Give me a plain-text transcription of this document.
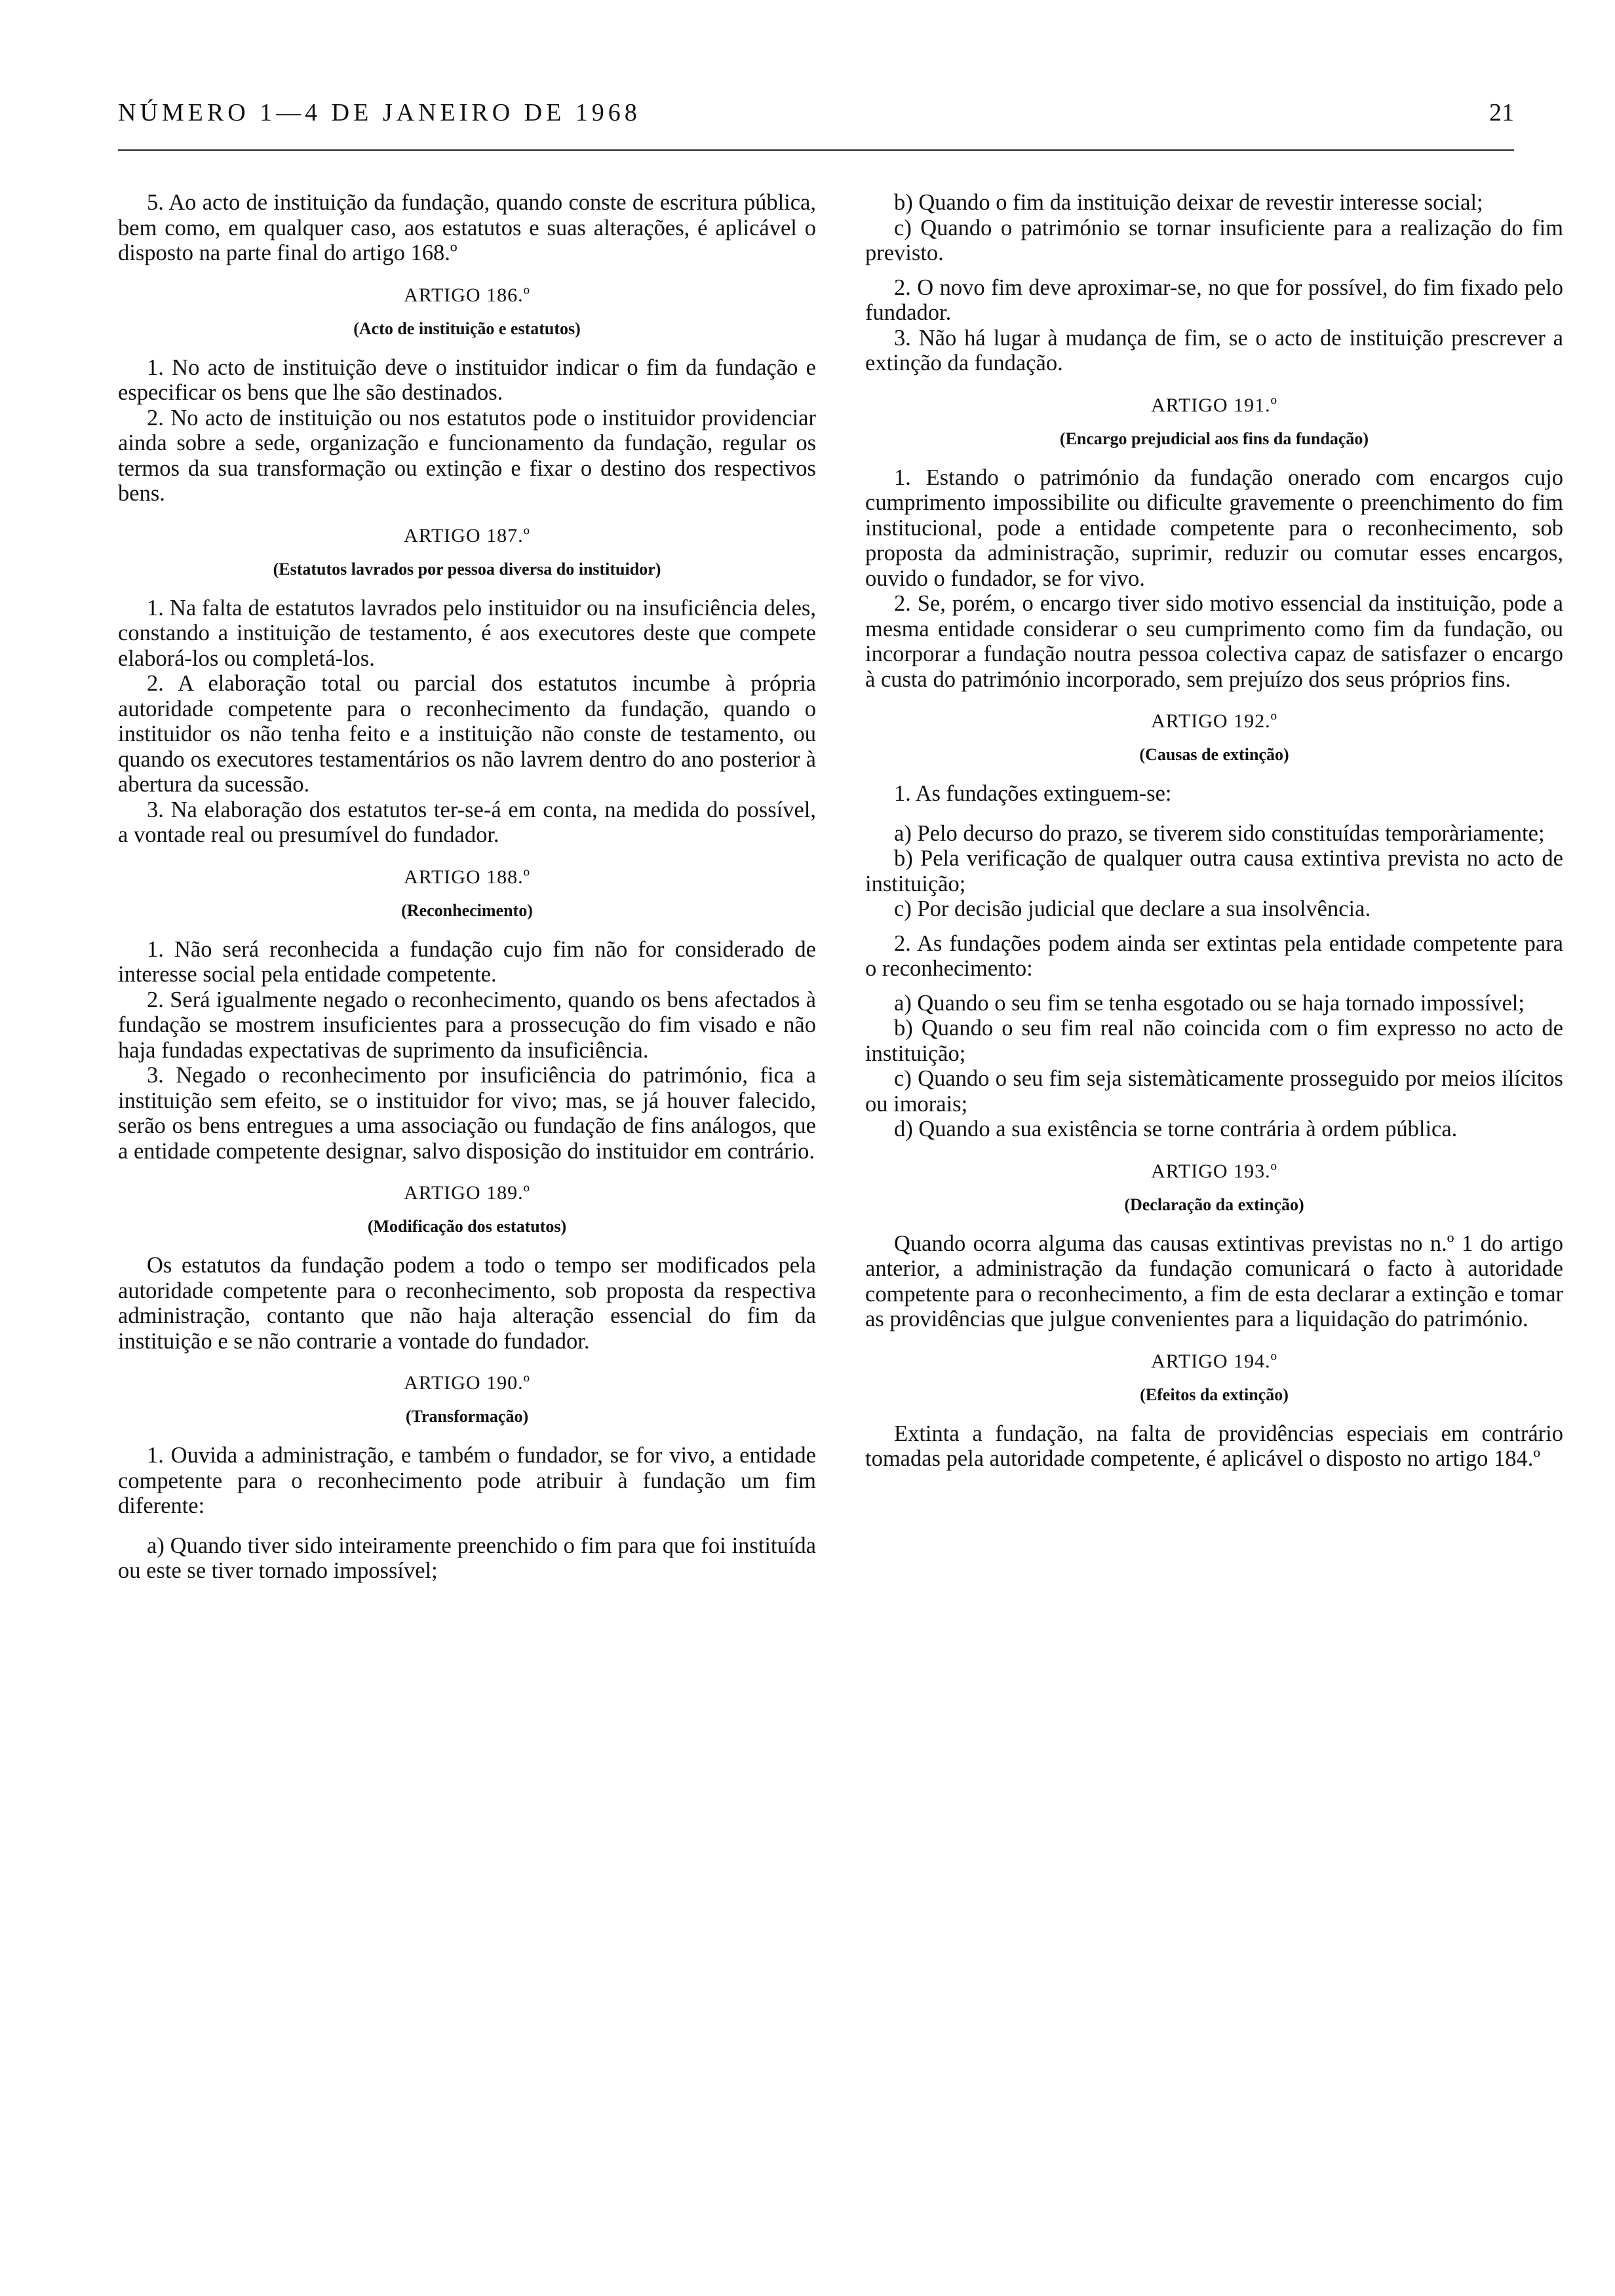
NÚMERO 1—4 DE JANEIRO DE 1968	21

5. Ao acto de instituição da fundação, quando conste de escritura pública, bem como, em qualquer caso, aos estatutos e suas alterações, é aplicável o disposto na parte final do artigo 168.º

ARTIGO 186.º
(Acto de instituição e estatutos)

1. No acto de instituição deve o instituidor indicar o fim da fundação e especificar os bens que lhe são destinados.

2. No acto de instituição ou nos estatutos pode o instituidor providenciar ainda sobre a sede, organização e funcionamento da fundação, regular os termos da sua transformação ou extinção e fixar o destino dos respectivos bens.

ARTIGO 187.º
(Estatutos lavrados por pessoa diversa do instituidor)

1. Na falta de estatutos lavrados pelo instituidor ou na insuficiência deles, constando a instituição de testamento, é aos executores deste que compete elaborá-los ou completá-los.

2. A elaboração total ou parcial dos estatutos incumbe à própria autoridade competente para o reconhecimento da fundação, quando o instituidor os não tenha feito e a instituição não conste de testamento, ou quando os executores testamentários os não lavrem dentro do ano posterior à abertura da sucessão.

3. Na elaboração dos estatutos ter-se-á em conta, na medida do possível, a vontade real ou presumível do fundador.

ARTIGO 188.º
(Reconhecimento)

1. Não será reconhecida a fundação cujo fim não for considerado de interesse social pela entidade competente.

2. Será igualmente negado o reconhecimento, quando os bens afectados à fundação se mostrem insuficientes para a prossecução do fim visado e não haja fundadas expectativas de suprimento da insuficiência.

3. Negado o reconhecimento por insuficiência do património, fica a instituição sem efeito, se o instituidor for vivo; mas, se já houver falecido, serão os bens entregues a uma associação ou fundação de fins análogos, que a entidade competente designar, salvo disposição do instituidor em contrário.

ARTIGO 189.º
(Modificação dos estatutos)

Os estatutos da fundação podem a todo o tempo ser modificados pela autoridade competente para o reconhecimento, sob proposta da respectiva administração, contanto que não haja alteração essencial do fim da instituição e se não contrarie a vontade do fundador.

ARTIGO 190.º
(Transformação)

1. Ouvida a administração, e também o fundador, se for vivo, a entidade competente para o reconhecimento pode atribuir à fundação um fim diferente:

a) Quando tiver sido inteiramente preenchido o fim para que foi instituída ou este se tiver tornado impossível;

b) Quando o fim da instituição deixar de revestir interesse social;

c) Quando o património se tornar insuficiente para a realização do fim previsto.

2. O novo fim deve aproximar-se, no que for possível, do fim fixado pelo fundador.

3. Não há lugar à mudança de fim, se o acto de instituição prescrever a extinção da fundação.

ARTIGO 191.º
(Encargo prejudicial aos fins da fundação)

1. Estando o património da fundação onerado com encargos cujo cumprimento impossibilite ou dificulte gravemente o preenchimento do fim institucional, pode a entidade competente para o reconhecimento, sob proposta da administração, suprimir, reduzir ou comutar esses encargos, ouvido o fundador, se for vivo.

2. Se, porém, o encargo tiver sido motivo essencial da instituição, pode a mesma entidade considerar o seu cumprimento como fim da fundação, ou incorporar a fundação noutra pessoa colectiva capaz de satisfazer o encargo à custa do património incorporado, sem prejuízo dos seus próprios fins.

ARTIGO 192.º
(Causas de extinção)

1. As fundações extinguem-se:

a) Pelo decurso do prazo, se tiverem sido constituídas temporàriamente;

b) Pela verificação de qualquer outra causa extintiva prevista no acto de instituição;

c) Por decisão judicial que declare a sua insolvência.

2. As fundações podem ainda ser extintas pela entidade competente para o reconhecimento:

a) Quando o seu fim se tenha esgotado ou se haja tornado impossível;

b) Quando o seu fim real não coincida com o fim expresso no acto de instituição;

c) Quando o seu fim seja sistemàticamente prosseguido por meios ilícitos ou imorais;

d) Quando a sua existência se torne contrária à ordem pública.

ARTIGO 193.º
(Declaração da extinção)

Quando ocorra alguma das causas extintivas previstas no n.º 1 do artigo anterior, a administração da fundação comunicará o facto à autoridade competente para o reconhecimento, a fim de esta declarar a extinção e tomar as providências que julgue convenientes para a liquidação do património.

ARTIGO 194.º
(Efeitos da extinção)

Extinta a fundação, na falta de providências especiais em contrário tomadas pela autoridade competente, é aplicável o disposto no artigo 184.º
